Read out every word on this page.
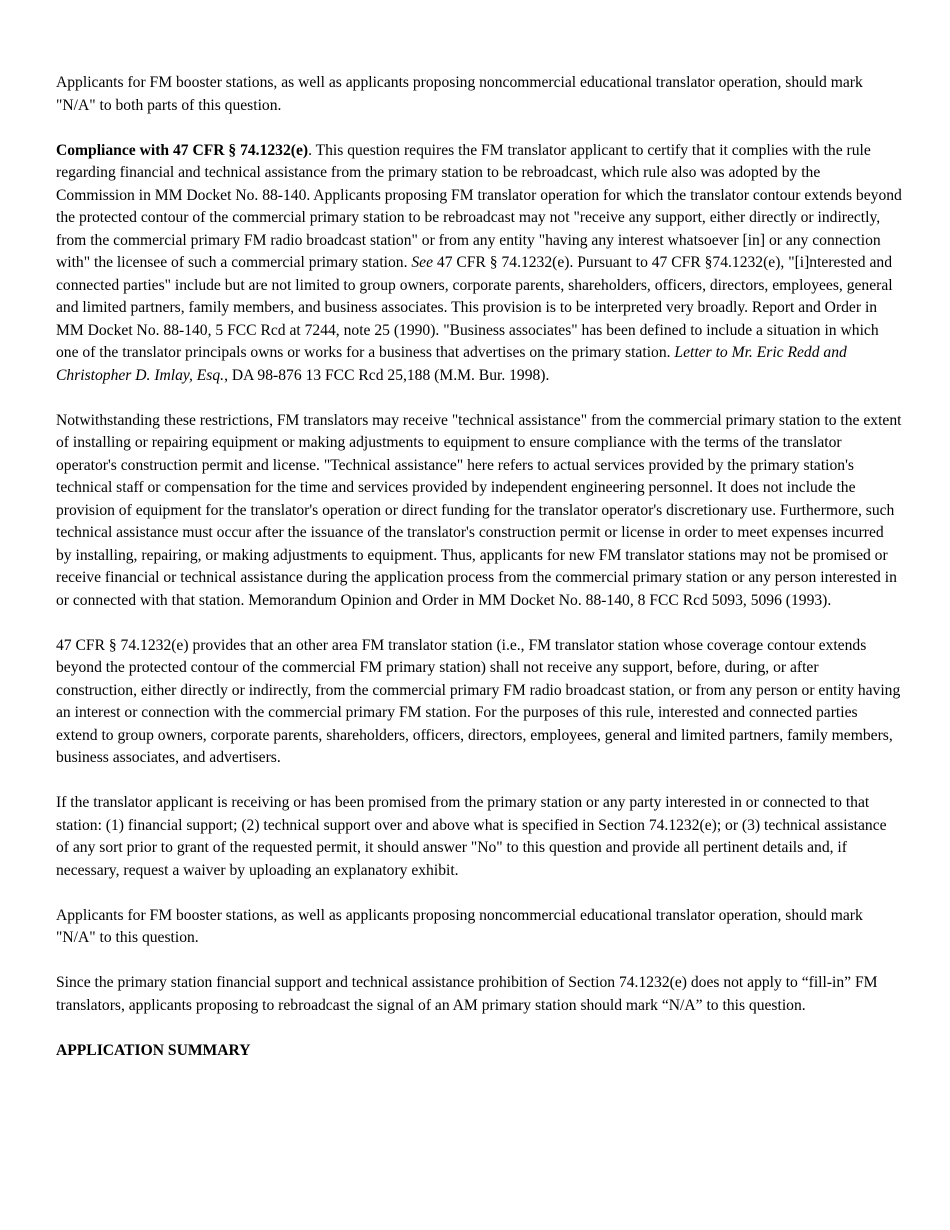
Applicants for FM booster stations, as well as applicants proposing noncommercial educational translator operation, should mark "N/A" to both parts of this question.

Compliance with 47 CFR § 74.1232(e). This question requires the FM translator applicant to certify that it complies with the rule regarding financial and technical assistance from the primary station to be rebroadcast, which rule also was adopted by the Commission in MM Docket No. 88-140. Applicants proposing FM translator operation for which the translator contour extends beyond the protected contour of the commercial primary station to be rebroadcast may not "receive any support, either directly or indirectly, from the commercial primary FM radio broadcast station" or from any entity "having any interest whatsoever [in] or any connection with" the licensee of such a commercial primary station. See 47 CFR § 74.1232(e). Pursuant to 47 CFR §74.1232(e), "[i]nterested and connected parties" include but are not limited to group owners, corporate parents, shareholders, officers, directors, employees, general and limited partners, family members, and business associates. This provision is to be interpreted very broadly. Report and Order in MM Docket No. 88-140, 5 FCC Rcd at 7244, note 25 (1990). "Business associates" has been defined to include a situation in which one of the translator principals owns or works for a business that advertises on the primary station. Letter to Mr. Eric Redd and Christopher D. Imlay, Esq., DA 98-876 13 FCC Rcd 25,188 (M.M. Bur. 1998).

Notwithstanding these restrictions, FM translators may receive "technical assistance" from the commercial primary station to the extent of installing or repairing equipment or making adjustments to equipment to ensure compliance with the terms of the translator operator's construction permit and license. "Technical assistance" here refers to actual services provided by the primary station's technical staff or compensation for the time and services provided by independent engineering personnel. It does not include the provision of equipment for the translator's operation or direct funding for the translator operator's discretionary use. Furthermore, such technical assistance must occur after the issuance of the translator's construction permit or license in order to meet expenses incurred by installing, repairing, or making adjustments to equipment. Thus, applicants for new FM translator stations may not be promised or receive financial or technical assistance during the application process from the commercial primary station or any person interested in or connected with that station. Memorandum Opinion and Order in MM Docket No. 88-140, 8 FCC Rcd 5093, 5096 (1993).

47 CFR § 74.1232(e) provides that an other area FM translator station (i.e., FM translator station whose coverage contour extends beyond the protected contour of the commercial FM primary station) shall not receive any support, before, during, or after construction, either directly or indirectly, from the commercial primary FM radio broadcast station, or from any person or entity having an interest or connection with the commercial primary FM station. For the purposes of this rule, interested and connected parties extend to group owners, corporate parents, shareholders, officers, directors, employees, general and limited partners, family members, business associates, and advertisers.

If the translator applicant is receiving or has been promised from the primary station or any party interested in or connected to that station: (1) financial support; (2) technical support over and above what is specified in Section 74.1232(e); or (3) technical assistance of any sort prior to grant of the requested permit, it should answer "No" to this question and provide all pertinent details and, if necessary, request a waiver by uploading an explanatory exhibit.

Applicants for FM booster stations, as well as applicants proposing noncommercial educational translator operation, should mark "N/A" to this question.

Since the primary station financial support and technical assistance prohibition of Section 74.1232(e) does not apply to “fill-in” FM translators, applicants proposing to rebroadcast the signal of an AM primary station should mark “N/A” to this question.

APPLICATION SUMMARY
